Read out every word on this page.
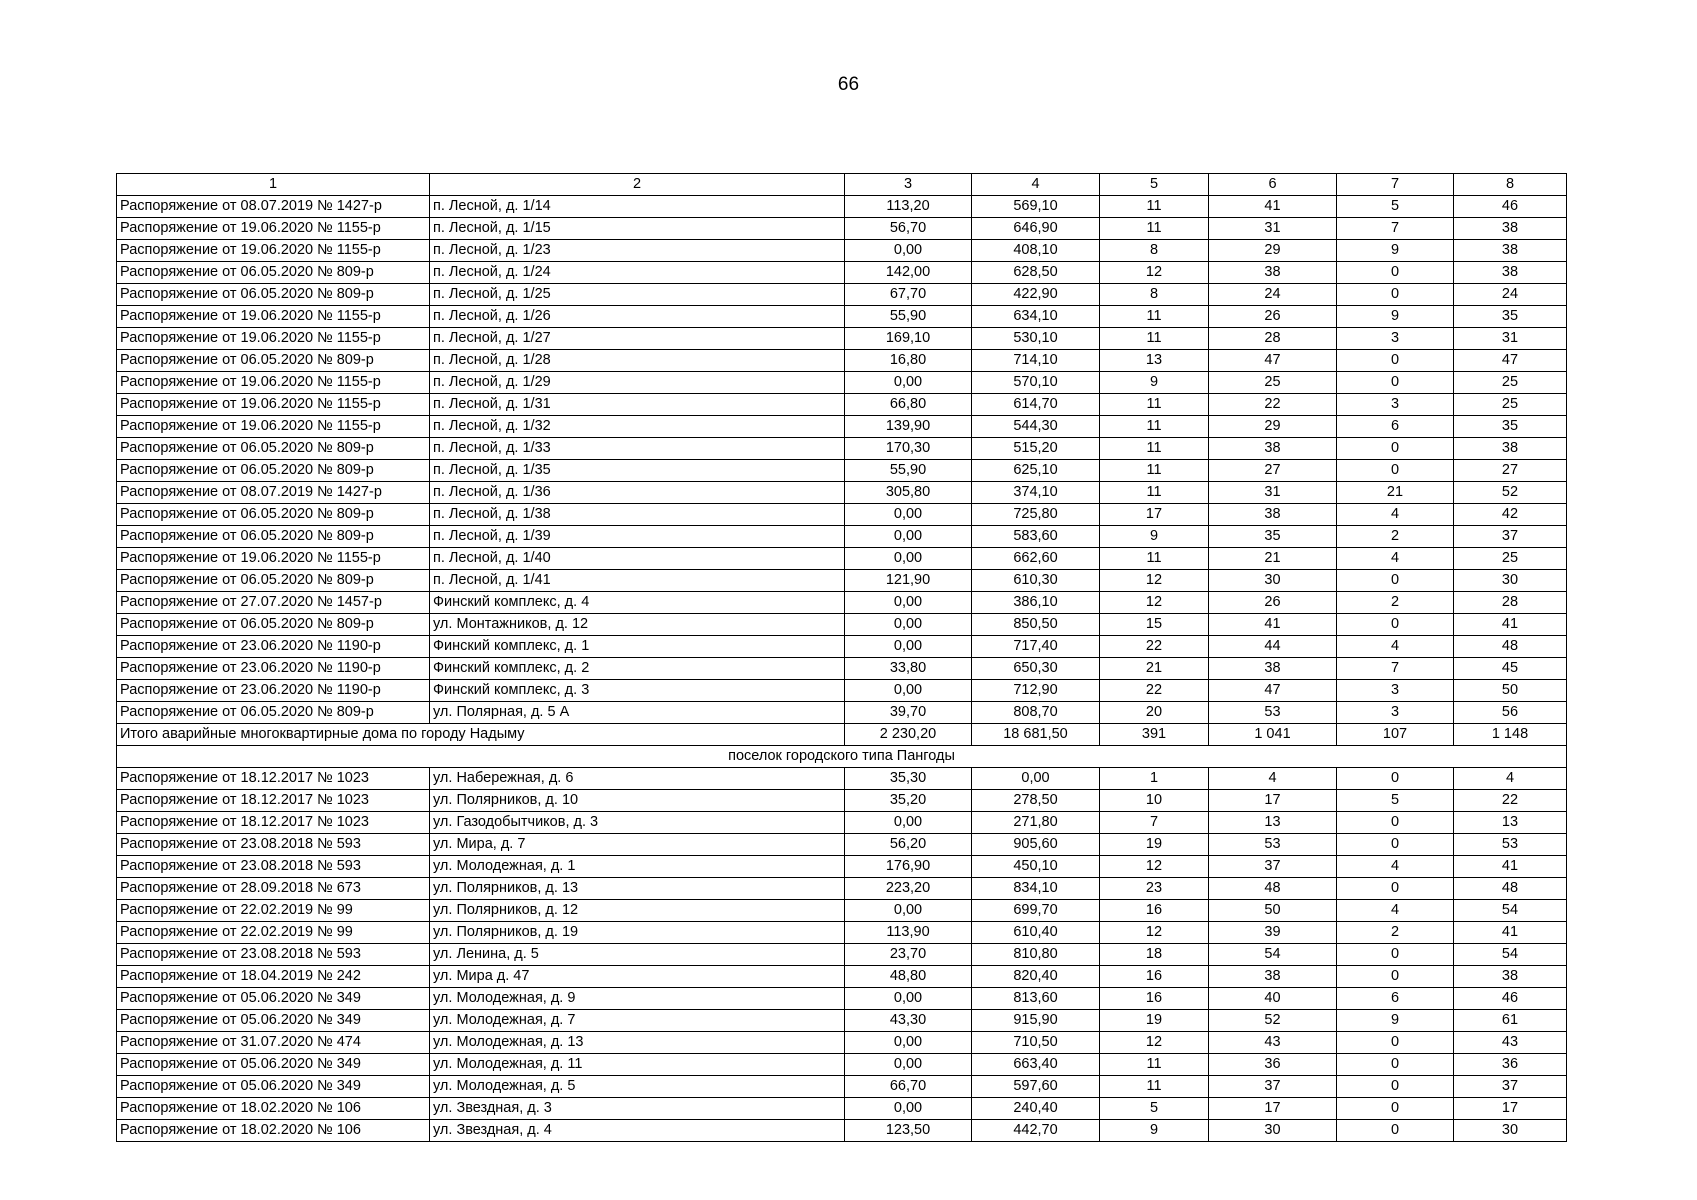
66
1	2	3	4	5	6	7	8
Распоряжение от 08.07.2019 № 1427-р	п. Лесной, д. 1/14	113,20	569,10	11	41	5	46
Распоряжение от 19.06.2020 № 1155-р	п. Лесной, д. 1/15	56,70	646,90	11	31	7	38
Распоряжение от 19.06.2020 № 1155-р	п. Лесной, д. 1/23	0,00	408,10	8	29	9	38
Распоряжение от 06.05.2020 № 809-р	п. Лесной, д. 1/24	142,00	628,50	12	38	0	38
Распоряжение от 06.05.2020 № 809-р	п. Лесной, д. 1/25	67,70	422,90	8	24	0	24
Распоряжение от 19.06.2020 № 1155-р	п. Лесной, д. 1/26	55,90	634,10	11	26	9	35
Распоряжение от 19.06.2020 № 1155-р	п. Лесной, д. 1/27	169,10	530,10	11	28	3	31
Распоряжение от 06.05.2020 № 809-р	п. Лесной, д. 1/28	16,80	714,10	13	47	0	47
Распоряжение от 19.06.2020 № 1155-р	п. Лесной, д. 1/29	0,00	570,10	9	25	0	25
Распоряжение от 19.06.2020 № 1155-р	п. Лесной, д. 1/31	66,80	614,70	11	22	3	25
Распоряжение от 19.06.2020 № 1155-р	п. Лесной, д. 1/32	139,90	544,30	11	29	6	35
Распоряжение от 06.05.2020 № 809-р	п. Лесной, д. 1/33	170,30	515,20	11	38	0	38
Распоряжение от 06.05.2020 № 809-р	п. Лесной, д. 1/35	55,90	625,10	11	27	0	27
Распоряжение от 08.07.2019 № 1427-р	п. Лесной, д. 1/36	305,80	374,10	11	31	21	52
Распоряжение от 06.05.2020 № 809-р	п. Лесной, д. 1/38	0,00	725,80	17	38	4	42
Распоряжение от 06.05.2020 № 809-р	п. Лесной, д. 1/39	0,00	583,60	9	35	2	37
Распоряжение от 19.06.2020 № 1155-р	п. Лесной, д. 1/40	0,00	662,60	11	21	4	25
Распоряжение от 06.05.2020 № 809-р	п. Лесной, д. 1/41	121,90	610,30	12	30	0	30
Распоряжение от 27.07.2020 № 1457-р	Финский комплекс, д. 4	0,00	386,10	12	26	2	28
Распоряжение от 06.05.2020 № 809-р	ул. Монтажников, д. 12	0,00	850,50	15	41	0	41
Распоряжение от 23.06.2020 № 1190-р	Финский комплекс, д. 1	0,00	717,40	22	44	4	48
Распоряжение от 23.06.2020 № 1190-р	Финский комплекс, д. 2	33,80	650,30	21	38	7	45
Распоряжение от 23.06.2020 № 1190-р	Финский комплекс, д. 3	0,00	712,90	22	47	3	50
Распоряжение от 06.05.2020 № 809-р	ул. Полярная, д. 5 А	39,70	808,70	20	53	3	56
Итого аварийные многоквартирные дома по городу Надыму		2 230,20	18 681,50	391	1 041	107	1 148
поселок городского типа Пангоды							
Распоряжение от 18.12.2017 № 1023	ул. Набережная, д. 6	35,30	0,00	1	4	0	4
Распоряжение от 18.12.2017 № 1023	ул. Полярников, д. 10	35,20	278,50	10	17	5	22
Распоряжение от 18.12.2017 № 1023	ул. Газодобытчиков, д. 3	0,00	271,80	7	13	0	13
Распоряжение от 23.08.2018 № 593	ул. Мира, д. 7	56,20	905,60	19	53	0	53
Распоряжение от 23.08.2018 № 593	ул. Молодежная, д. 1	176,90	450,10	12	37	4	41
Распоряжение от 28.09.2018 № 673	ул. Полярников, д. 13	223,20	834,10	23	48	0	48
Распоряжение от 22.02.2019 № 99	ул. Полярников, д. 12	0,00	699,70	16	50	4	54
Распоряжение от 22.02.2019 № 99	ул. Полярников, д. 19	113,90	610,40	12	39	2	41
Распоряжение от 23.08.2018 № 593	ул. Ленина, д. 5	23,70	810,80	18	54	0	54
Распоряжение от 18.04.2019 № 242	ул. Мира д. 47	48,80	820,40	16	38	0	38
Распоряжение от 05.06.2020 № 349	ул. Молодежная, д. 9	0,00	813,60	16	40	6	46
Распоряжение от 05.06.2020 № 349	ул. Молодежная, д. 7	43,30	915,90	19	52	9	61
Распоряжение от 31.07.2020 № 474	ул. Молодежная, д. 13	0,00	710,50	12	43	0	43
Распоряжение от 05.06.2020 № 349	ул. Молодежная, д. 11	0,00	663,40	11	36	0	36
Распоряжение от 05.06.2020 № 349	ул. Молодежная, д. 5	66,70	597,60	11	37	0	37
Распоряжение от 18.02.2020 № 106	ул. Звездная, д. 3	0,00	240,40	5	17	0	17
Распоряжение от 18.02.2020 № 106	ул. Звездная, д. 4	123,50	442,70	9	30	0	30
